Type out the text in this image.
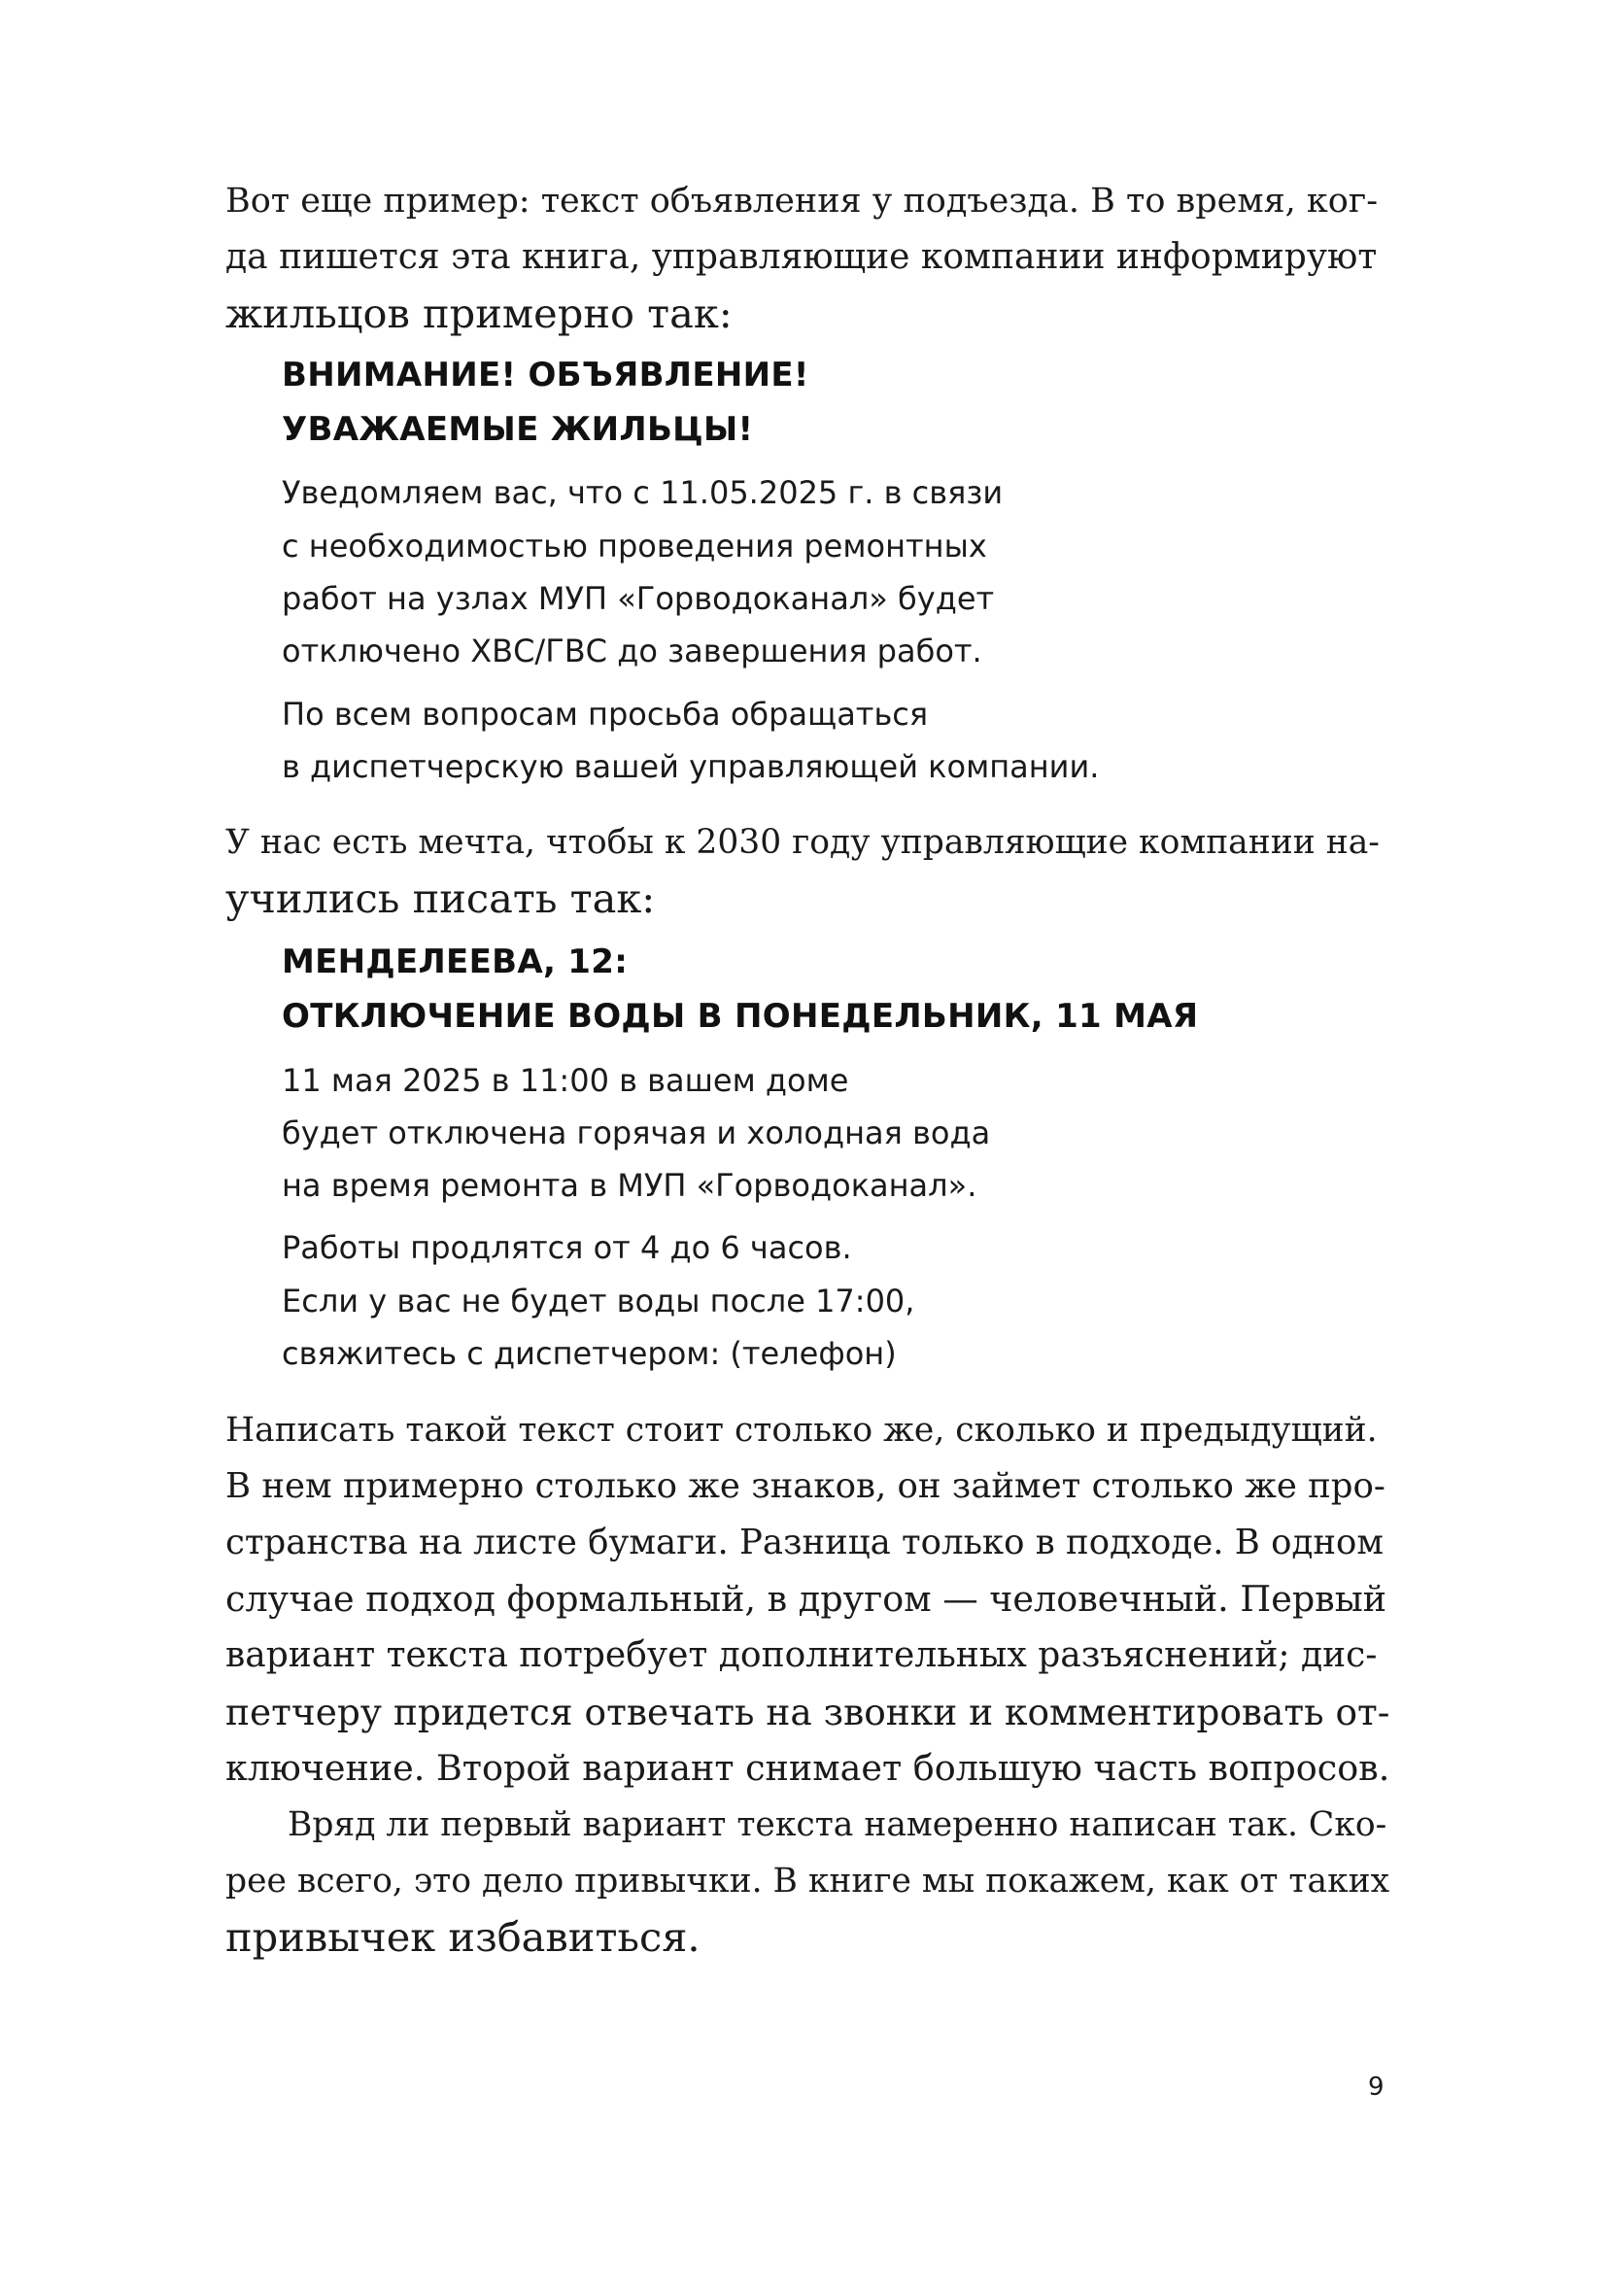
Вот еще пример: текст объявления у подъезда. В то время, ког-
да пишется эта книга, управляющие компании информируют
жильцов примерно так:
ВНИМАНИЕ! ОБЪЯВЛЕНИЕ!
УВАЖАЕМЫЕ ЖИЛЬЦЫ!
Уведомляем вас, что с 11.05.2025 г. в связи
с необходимостью проведения ремонтных
работ на узлах МУП «Горводоканал» будет
отключено ХВС/ГВС до завершения работ.
По всем вопросам просьба обращаться
в диспетчерскую вашей управляющей компании.
У нас есть мечта, чтобы к 2030 году управляющие компании на-
учились писать так:
МЕНДЕЛЕЕВА, 12:
ОТКЛЮЧЕНИЕ ВОДЫ В ПОНЕДЕЛЬНИК, 11 МАЯ
11 мая 2025 в 11:00 в вашем доме
будет отключена горячая и холодная вода
на время ремонта в МУП «Горводоканал».
Работы продлятся от 4 до 6 часов.
Если у вас не будет воды после 17:00,
свяжитесь с диспетчером: (телефон)
Написать такой текст стоит столько же, сколько и предыдущий.
В нем примерно столько же знаков, он займет столько же про-
странства на листе бумаги. Разница только в подходе. В одном
случае подход формальный, в другом — человечный. Первый
вариант текста потребует дополнительных разъяснений; дис-
петчеру придется отвечать на звонки и комментировать от-
ключение. Второй вариант снимает большую часть вопросов.
Вряд ли первый вариант текста намеренно написан так. Ско-
рее всего, это дело привычки. В книге мы покажем, как от таких
привычек избавиться.
9
